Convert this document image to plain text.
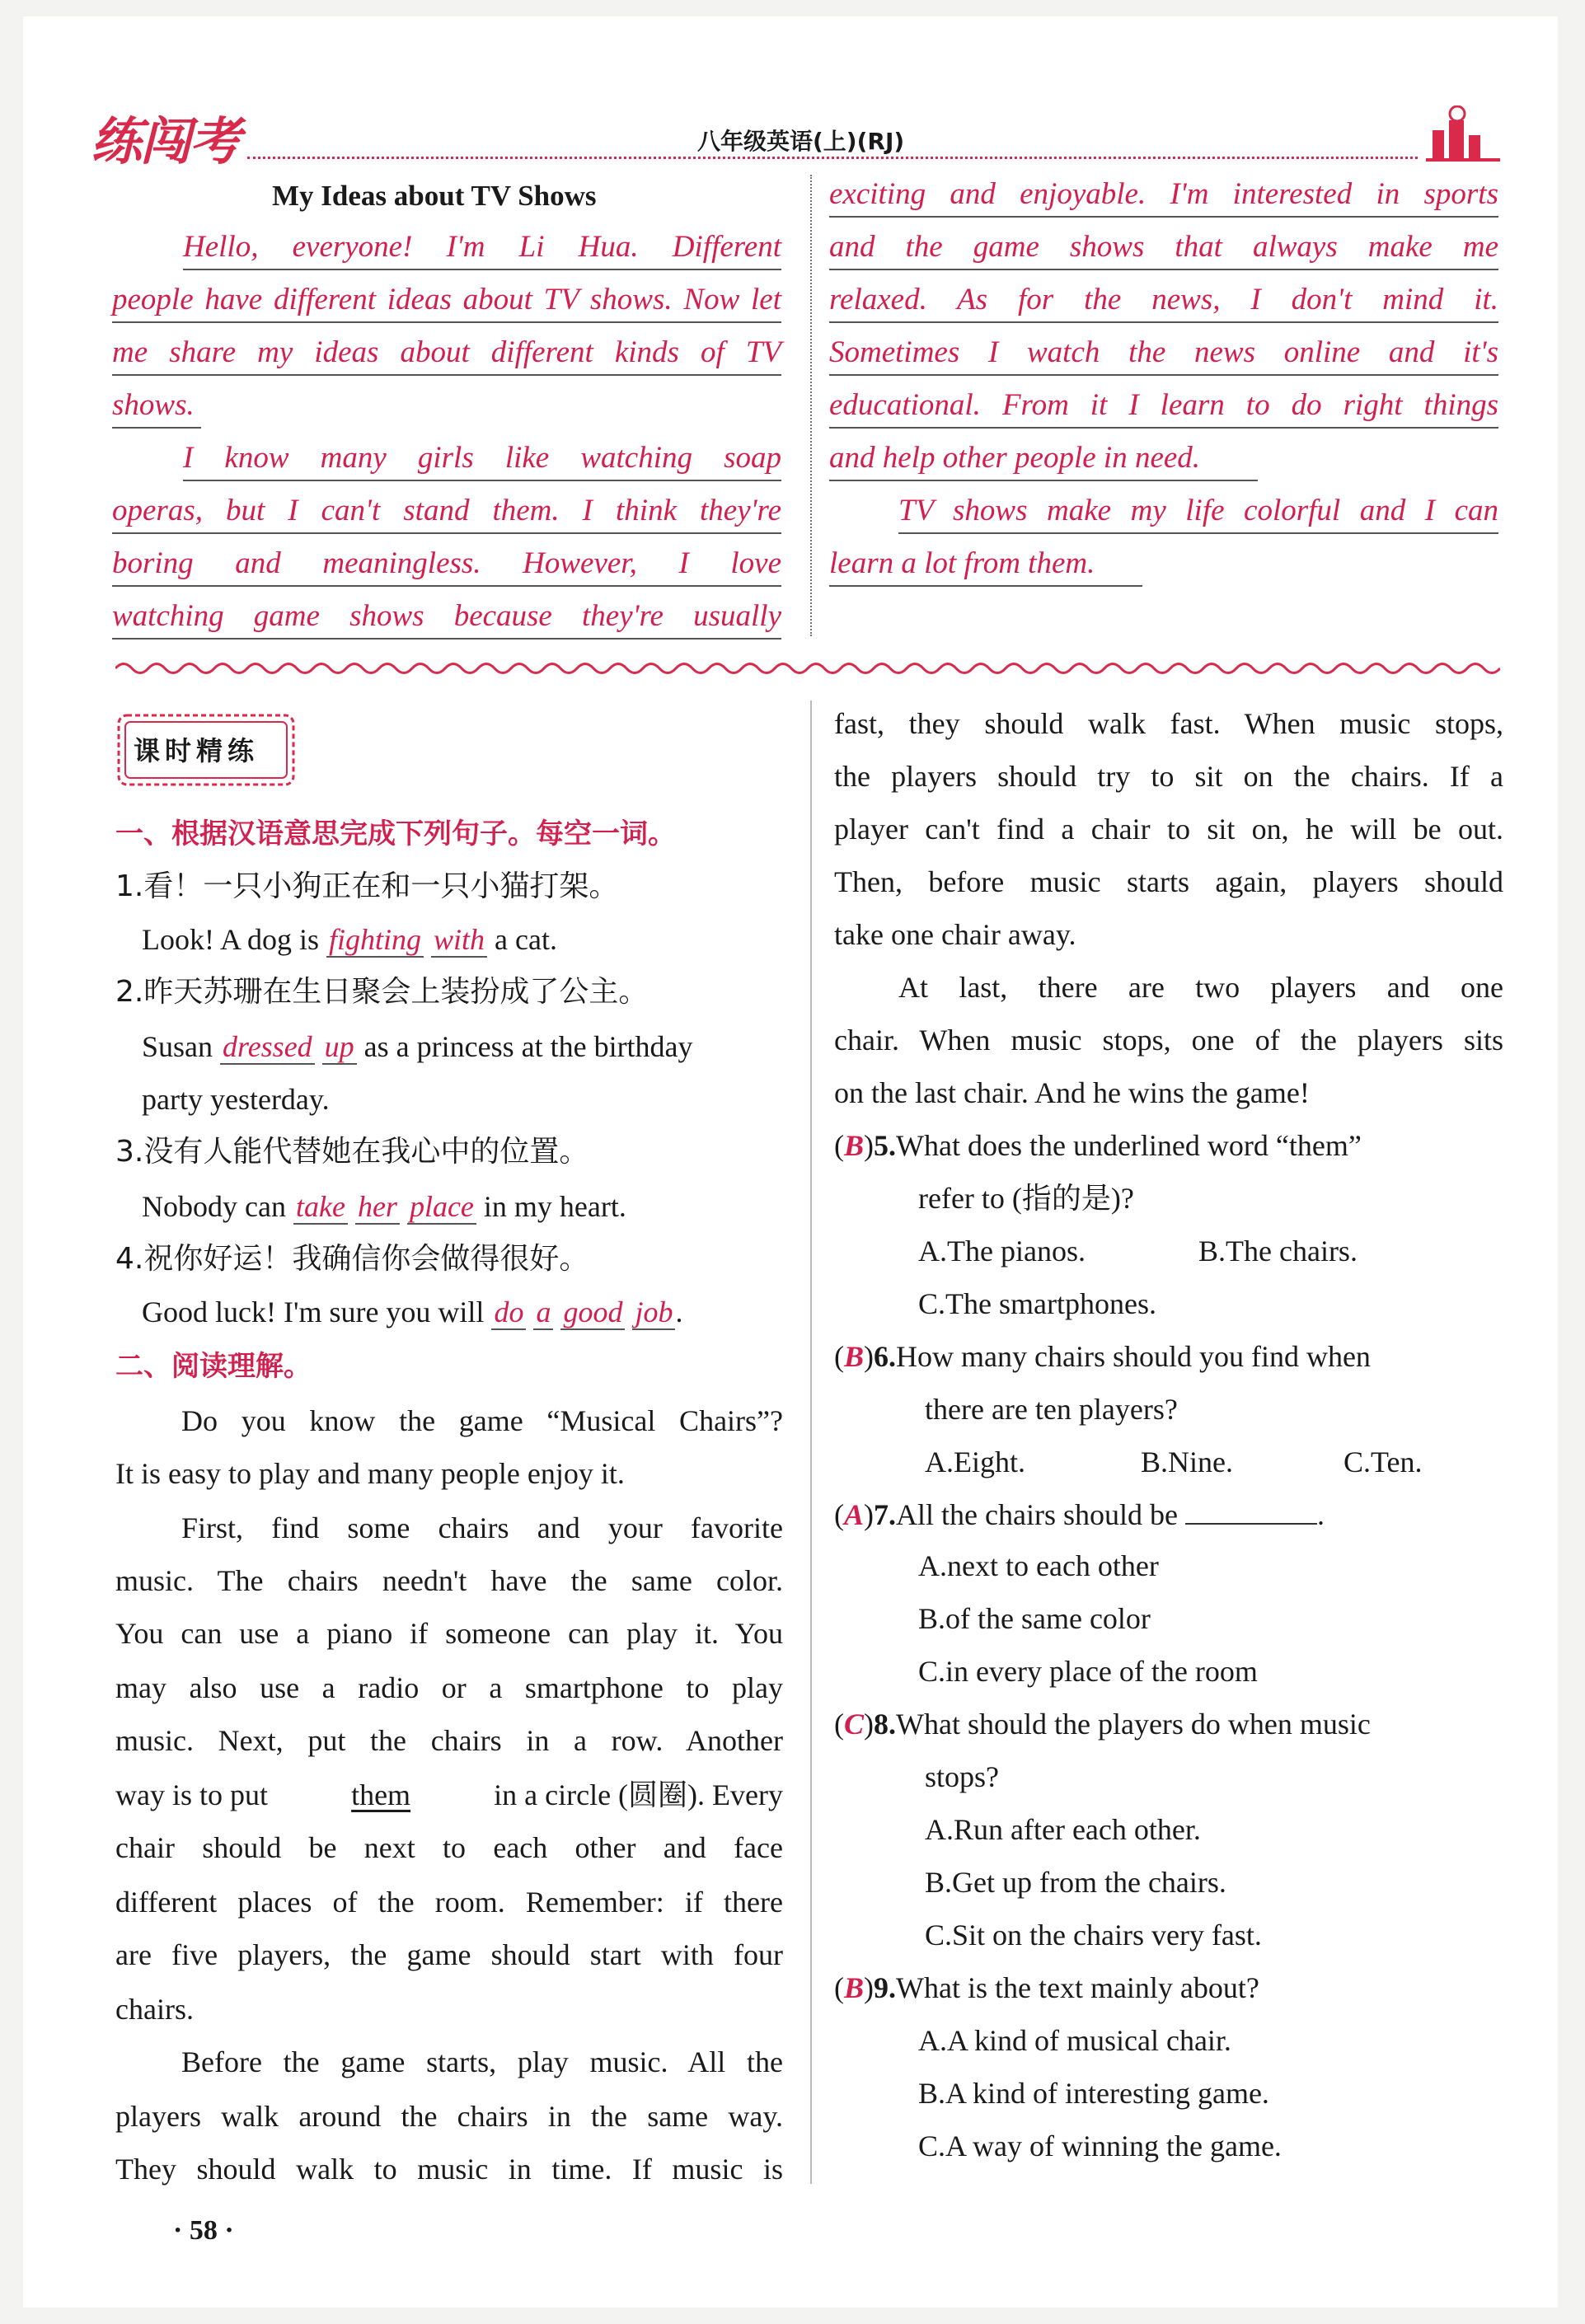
练闯考	八年级英语(上)(RJ)
My Ideas about TV Shows
Hello, everyone! I'm Li Hua. Different
people have different ideas about TV shows. Now let
me share my ideas about different kinds of TV
shows.
I know many girls like watching soap
operas, but I can't stand them. I think they're
boring and meaningless. However, I love
watching game shows because they're usually
exciting and enjoyable. I'm interested in sports
and the game shows that always make me
relaxed. As for the news, I don't mind it.
Sometimes I watch the news online and it's
educational. From it I learn to do right things
and help other people in need.
TV shows make my life colorful and I can
learn a lot from them.
课时精练
一、根据汉语意思完成下列句子。每空一词。
1.看！一只小狗正在和一只小猫打架。
Look! A dog is fighting with a cat.
2.昨天苏珊在生日聚会上装扮成了公主。
Susan dressed up as a princess at the birthday
party yesterday.
3.没有人能代替她在我心中的位置。
Nobody can take her place in my heart.
4.祝你好运！我确信你会做得很好。
Good luck! I'm sure you will do a good job.
二、阅读理解。
Do you know the game “Musical Chairs”?
It is easy to play and many people enjoy it.
First, find some chairs and your favorite
music. The chairs needn't have the same color.
You can use a piano if someone can play it. You
may also use a radio or a smartphone to play
music. Next, put the chairs in a row. Another
way is to put	them	in a circle (圆圈). Every
chair should be next to each other and face
different places of the room. Remember: if there
are five players, the game should start with four
chairs.
Before the game starts, play music. All the
players walk around the chairs in the same way.
They should walk to music in time. If music is
fast, they should walk fast. When music stops,
the players should try to sit on the chairs. If a
player can't find a chair to sit on, he will be out.
Then, before music starts again, players should
take one chair away.
At last, there are two players and one
chair. When music stops, one of the players sits
on the last chair. And he wins the game!
(B)5.What does the underlined word “them”
refer to (指的是)?
A.The pianos.	B.The chairs.
C.The smartphones.
(B)6.How many chairs should you find when
there are ten players?
A.Eight.	B.Nine.	C.Ten.
(A)7.All the chairs should be	.
A.next to each other
B.of the same color
C.in every place of the room
(C)8.What should the players do when music
stops?
A.Run after each other.
B.Get up from the chairs.
C.Sit on the chairs very fast.
(B)9.What is the text mainly about?
A.A kind of musical chair.
B.A kind of interesting game.
C.A way of winning the game.
· 58 ·
